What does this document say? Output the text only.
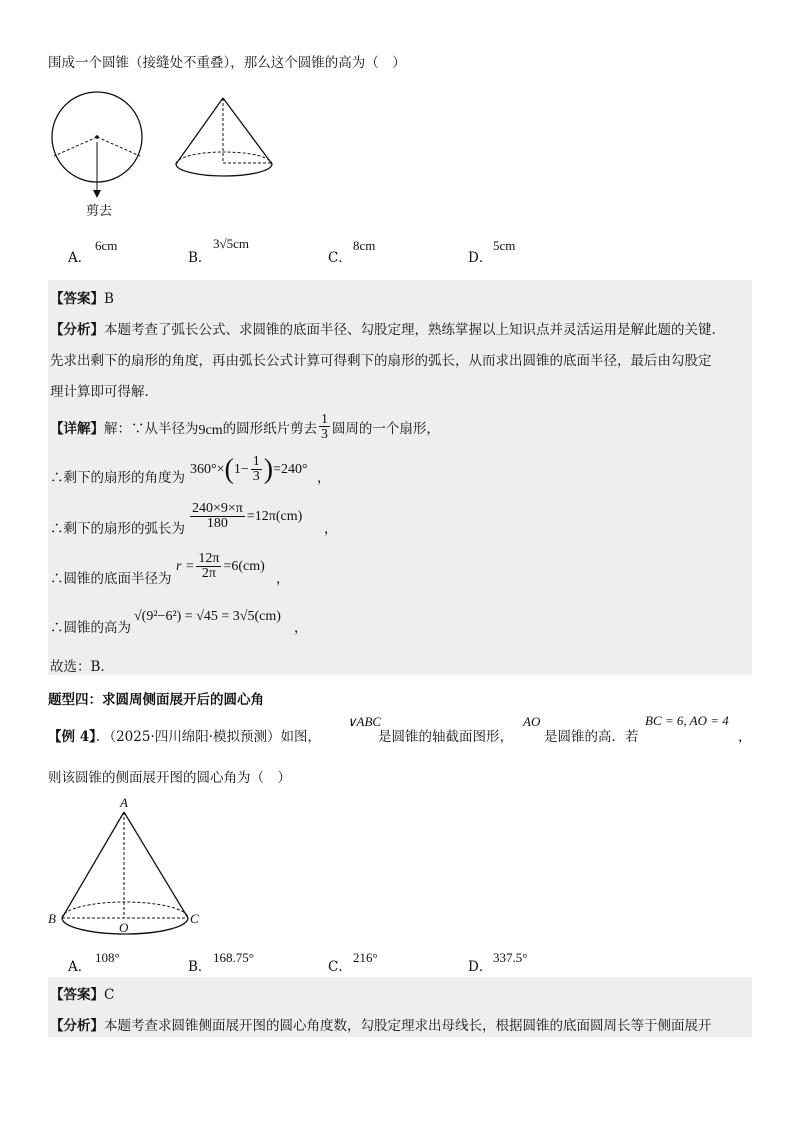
围成一个圆锥（接缝处不重叠），那么这个圆锥的高为（　）
剪去
A．
6cm
B．
3√5cm
C．
8cm
D．
5cm
【答案】B
【分析】本题考查了弧长公式、求圆锥的底面半径、勾股定理，熟练掌握以上知识点并灵活运用是解此题的关键.
先求出剩下的扇形的角度，再由弧长公式计算可得剩下的扇形的弧长，从而求出圆锥的底面半径，最后由勾股定
理计算即可得解.
【详解】 解：∵从半径为 9cm 的圆形纸片剪去 $\frac{1}{3}$ 圆周的一个扇形，
∴剩下的扇形的角度为
360°× ( $1- \frac{1}{3}$ ) =240°
，
∴剩下的扇形的弧长为 $\frac{240\times 9\times\pi}{180} =12\pi(cm)$
，
∴圆锥的底面半径为
$r = \frac{12\pi}{2\pi} =6(cm)$
，
∴圆锥的高为
√(9²−6²) = √45 = 3√5(cm)
，
故选：B.
题型四：求圆周侧面展开后的圆心角
【例 4】．（2025·四川绵阳·模拟预测）如图，
∨ABC
是圆锥的轴截面图形，
AO
是圆锥的高．若
BC = 6, AO = 4
，
则该圆锥的侧面展开图的圆心角为（　）
A
B	C
O
A．
108°
B．
168.75°
C．
216°
D．
337.5°
【答案】C
【分析】本题考查求圆锥侧面展开图的圆心角度数，勾股定理求出母线长，根据圆锥的底面圆周长等于侧面展开
